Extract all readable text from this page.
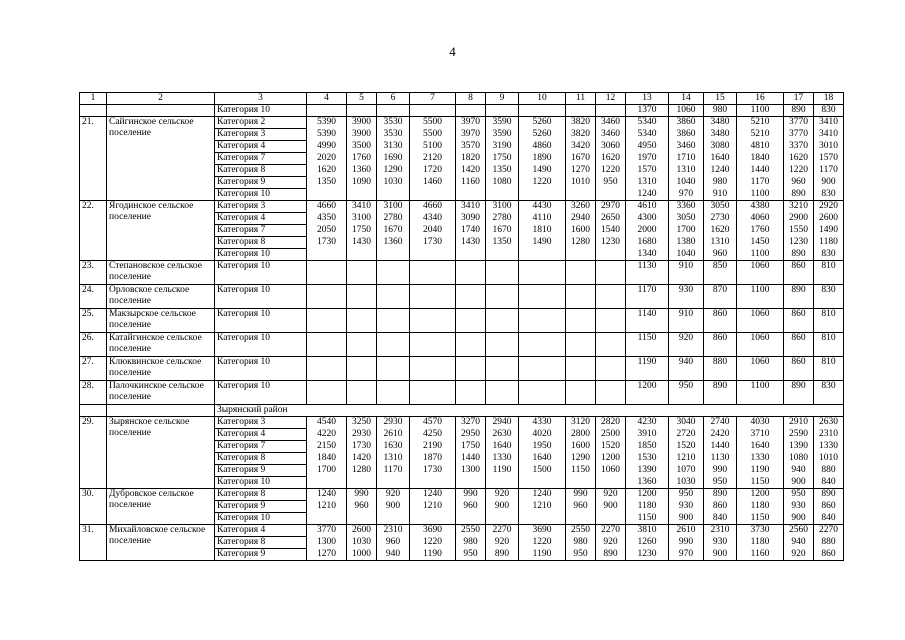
4
1	2	3	4	5	6	7	8	9	10	11	12	13	14	15	16	17	18
		Категория 10										1370	1060	980	1100	890	830
21.	Сайгинское сельское поселение	Категория 2	5390	3900	3530	5500	3970	3590	5260	3820	3460	5340	3860	3480	5210	3770	3410
		Категория 3	5390	3900	3530	5500	3970	3590	5260	3820	3460	5340	3860	3480	5210	3770	3410
		Категория 4	4990	3500	3130	5100	3570	3190	4860	3420	3060	4950	3460	3080	4810	3370	3010
		Категория 7	2020	1760	1690	2120	1820	1750	1890	1670	1620	1970	1710	1640	1840	1620	1570
		Категория 8	1620	1360	1290	1720	1420	1350	1490	1270	1220	1570	1310	1240	1440	1220	1170
		Категория 9	1350	1090	1030	1460	1160	1080	1220	1010	950	1310	1040	980	1170	960	900
		Категория 10										1240	970	910	1100	890	830
22.	Ягодинское сельское поселение	Категория 3	4660	3410	3100	4660	3410	3100	4430	3260	2970	4610	3360	3050	4380	3210	2920
		Категория 4	4350	3100	2780	4340	3090	2780	4110	2940	2650	4300	3050	2730	4060	2900	2600
		Категория 7	2050	1750	1670	2040	1740	1670	1810	1600	1540	2000	1700	1620	1760	1550	1490
		Категория 8	1730	1430	1360	1730	1430	1350	1490	1280	1230	1680	1380	1310	1450	1230	1180
		Категория 10										1340	1040	960	1100	890	830
23.	Степановское сельское поселение	Категория 10										1130	910	850	1060	860	810
24.	Орловское сельское поселение	Категория 10										1170	930	870	1100	890	830
25.	Макзырское сельское поселение	Категория 10										1140	910	860	1060	860	810
26.	Катайгинское сельское поселение	Категория 10										1150	920	860	1060	860	810
27.	Клюквинское сельское поселение	Категория 10										1190	940	880	1060	860	810
28.	Палочкинское сельское поселение	Категория 10										1200	950	890	1100	890	830
		Зырянский район															
29.	Зырянское сельское поселение	Категория 3	4540	3250	2930	4570	3270	2940	4330	3120	2820	4230	3040	2740	4030	2910	2630
		Категория 4	4220	2930	2610	4250	2950	2630	4020	2800	2500	3910	2720	2420	3710	2590	2310
		Категория 7	2150	1730	1630	2190	1750	1640	1950	1600	1520	1850	1520	1440	1640	1390	1330
		Категория 8	1840	1420	1310	1870	1440	1330	1640	1290	1200	1530	1210	1130	1330	1080	1010
		Категория 9	1700	1280	1170	1730	1300	1190	1500	1150	1060	1390	1070	990	1190	940	880
		Категория 10										1360	1030	950	1150	900	840
30.	Дубровское сельское поселение	Категория 8	1240	990	920	1240	990	920	1240	990	920	1200	950	890	1200	950	890
		Категория 9	1210	960	900	1210	960	900	1210	960	900	1180	930	860	1180	930	860
		Категория 10										1150	900	840	1150	900	840
31.	Михайловское сельское поселение	Категория 4	3770	2600	2310	3690	2550	2270	3690	2550	2270	3810	2610	2310	3730	2560	2270
		Категория 8	1300	1030	960	1220	980	920	1220	980	920	1260	990	930	1180	940	880
		Категория 9	1270	1000	940	1190	950	890	1190	950	890	1230	970	900	1160	920	860
